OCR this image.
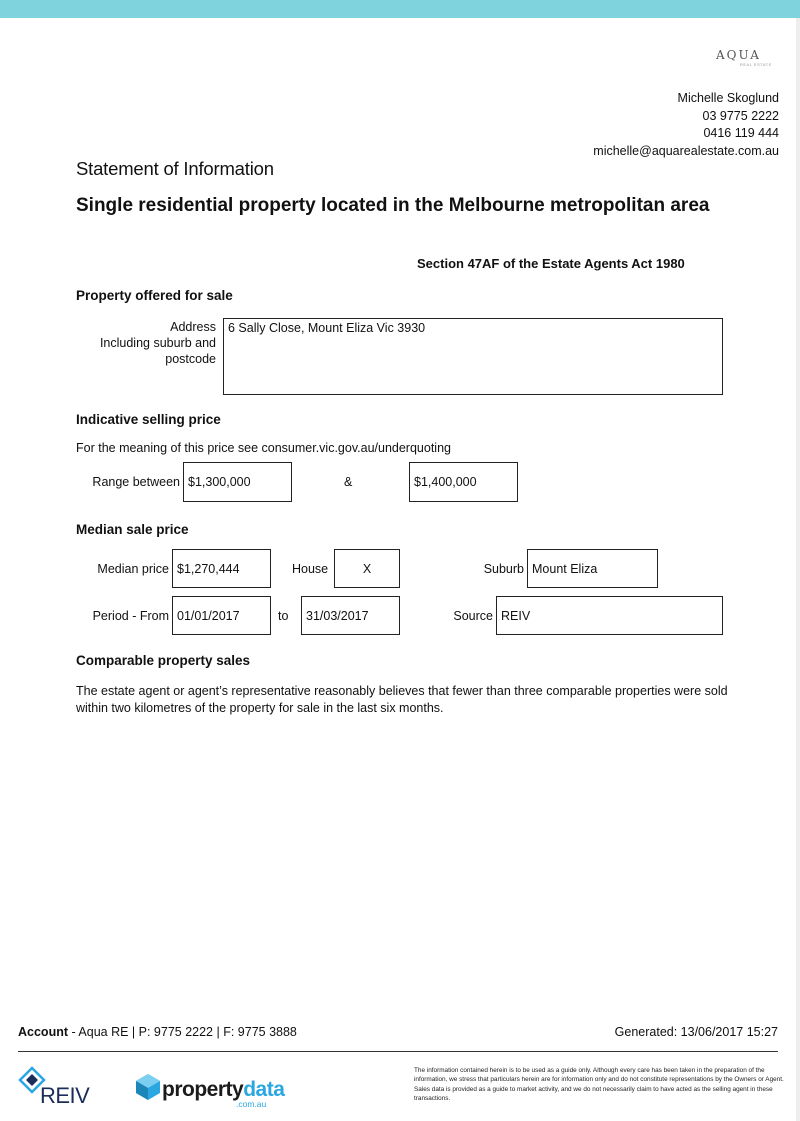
AQUA
REAL ESTATE
Michelle Skoglund
03 9775 2222
0416 119 444
michelle@aquarealestate.com.au
Statement of Information
Single residential property located in the Melbourne metropolitan area
Section 47AF of the Estate Agents Act 1980
Property offered for sale
Address
Including suburb and
postcode
6 Sally Close, Mount Eliza Vic 3930
Indicative selling price
For the meaning of this price see consumer.vic.gov.au/underquoting
Range between $1,300,000	&	$1,400,000
Median sale price
Median price $1,270,444	House	X	Suburb Mount Eliza
Period - From 01/01/2017	to	31/03/2017	Source REIV
Comparable property sales
The estate agent or agent’s representative reasonably believes that fewer than three comparable properties were sold within two kilometres of the property for sale in the last six months.
Account - Aqua RE | P: 9775 2222 | F: 9775 3888	Generated: 13/06/2017 15:27
The information contained herein is to be used as a guide only. Although every care has been taken in the preparation of the information, we stress that particulars herein are for information only and do not constitute representations by the Owners or Agent. Sales data is provided as a guide to market activity, and we do not necessarily claim to have acted as the selling agent in these transactions.
REIV	propertydata
.com.au
